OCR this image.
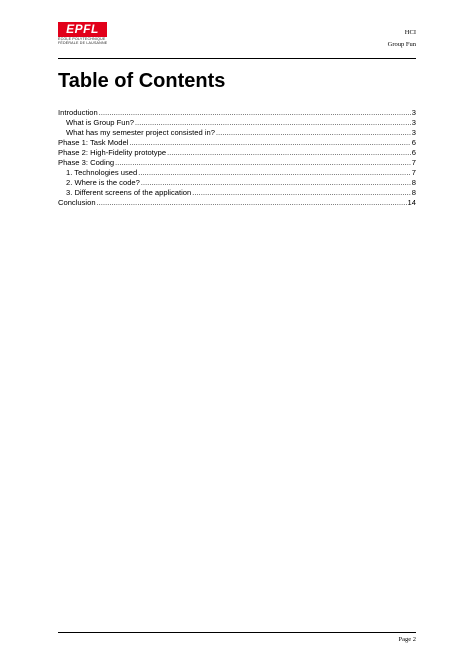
EPFL
ÉCOLE POLYTECHNIQUE
FÉDÉRALE DE LAUSANNE
HCI
Group Fun
Table of Contents
Introduction .....	3
What is Group Fun? .....	3
What has my semester project consisted in? .....	3
Phase 1: Task Model .....	6
Phase 2: High-Fidelity prototype .....	6
Phase 3: Coding .....	7
1. Technologies used .....	7
2. Where is the code? .....	8
3. Different screens of the application .....	8
Conclusion .....	14
Page 2
